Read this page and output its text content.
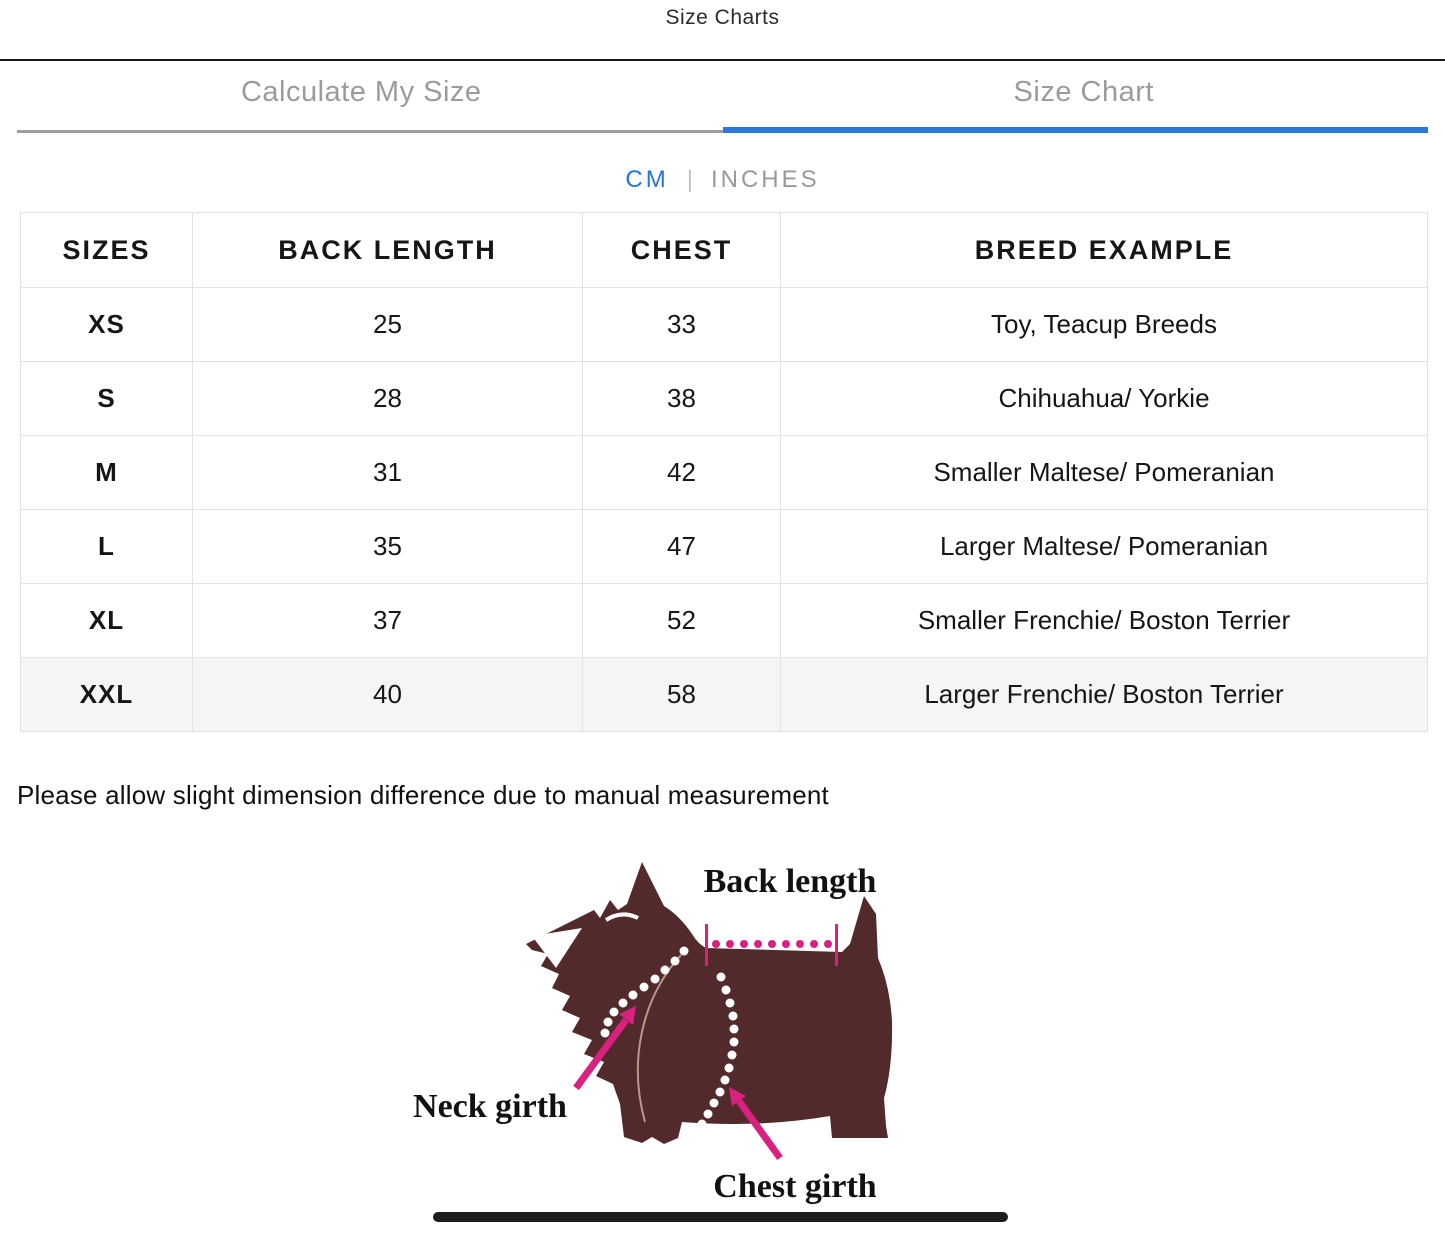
Size Charts
Calculate My Size	Size Chart
CM | INCHES
SIZES	BACK LENGTH	CHEST	BREED EXAMPLE
XS	25	33	Toy, Teacup Breeds
S	28	38	Chihuahua/ Yorkie
M	31	42	Smaller Maltese/ Pomeranian
L	35	47	Larger Maltese/ Pomeranian
XL	37	52	Smaller Frenchie/ Boston Terrier
XXL	40	58	Larger Frenchie/ Boston Terrier
Please allow slight dimension difference due to manual measurement
Back length
Neck girth
Chest girth
